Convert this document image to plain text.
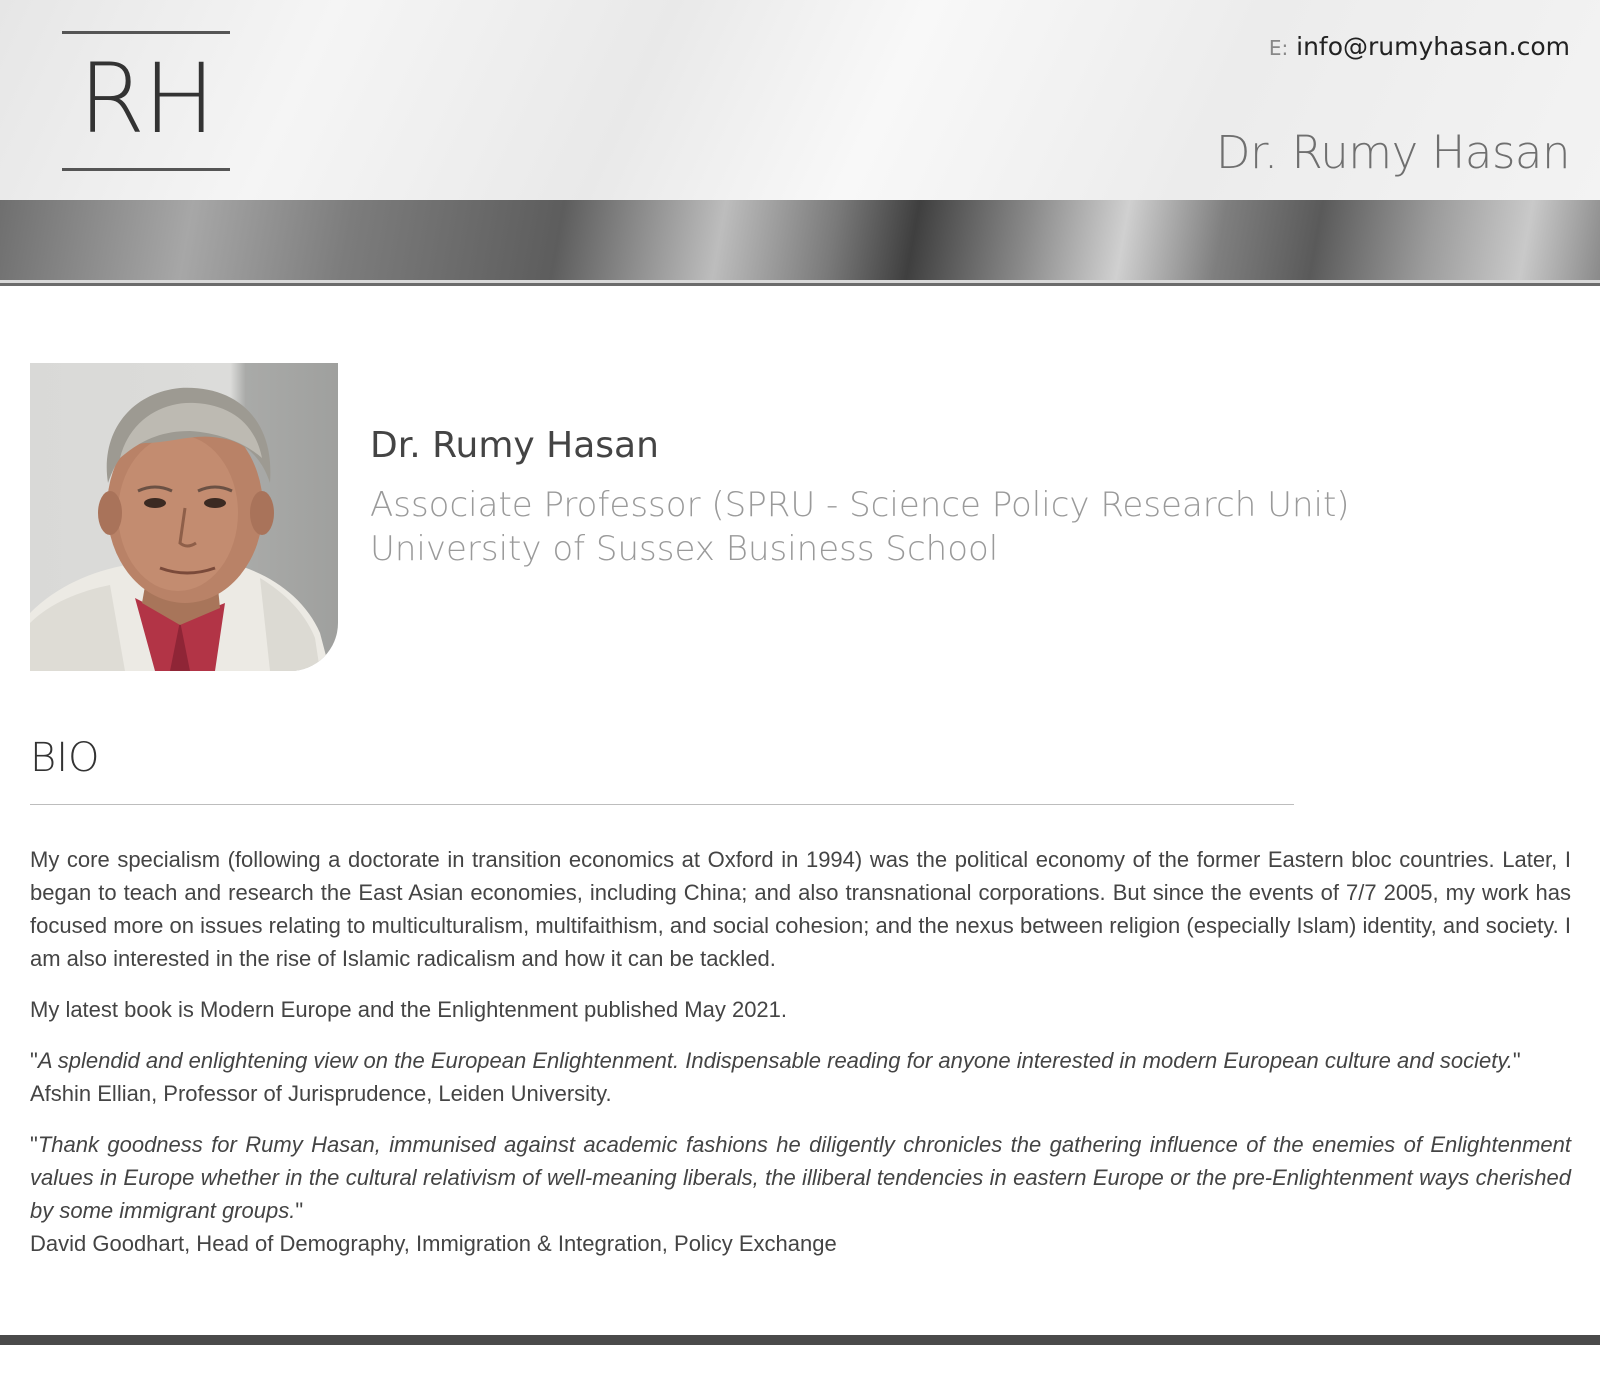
RH	E: info@rumyhasan.com
Dr. Rumy Hasan
Dr. Rumy Hasan
Associate Professor (SPRU - Science Policy Research Unit)
University of Sussex Business School
BIO

My core specialism (following a doctorate in transition economics at Oxford in 1994) was the political economy of the former Eastern bloc countries. Later, I began to teach and research the East Asian economies, including China; and also transnational corporations. But since the events of 7/7 2005, my work has focused more on issues relating to multiculturalism, multifaithism, and social cohesion; and the nexus between religion (especially Islam) identity, and society. I am also interested in the rise of Islamic radicalism and how it can be tackled.

My latest book is Modern Europe and the Enlightenment published May 2021.

"A splendid and enlightening view on the European Enlightenment. Indispensable reading for anyone interested in modern European culture and society."
Afshin Ellian, Professor of Jurisprudence, Leiden University.

"Thank goodness for Rumy Hasan, immunised against academic fashions he diligently chronicles the gathering influence of the enemies of Enlightenment values in Europe whether in the cultural relativism of well-meaning liberals, the illiberal tendencies in eastern Europe or the pre-Enlightenment ways cherished by some immigrant groups."
David Goodhart, Head of Demography, Immigration & Integration, Policy Exchange
